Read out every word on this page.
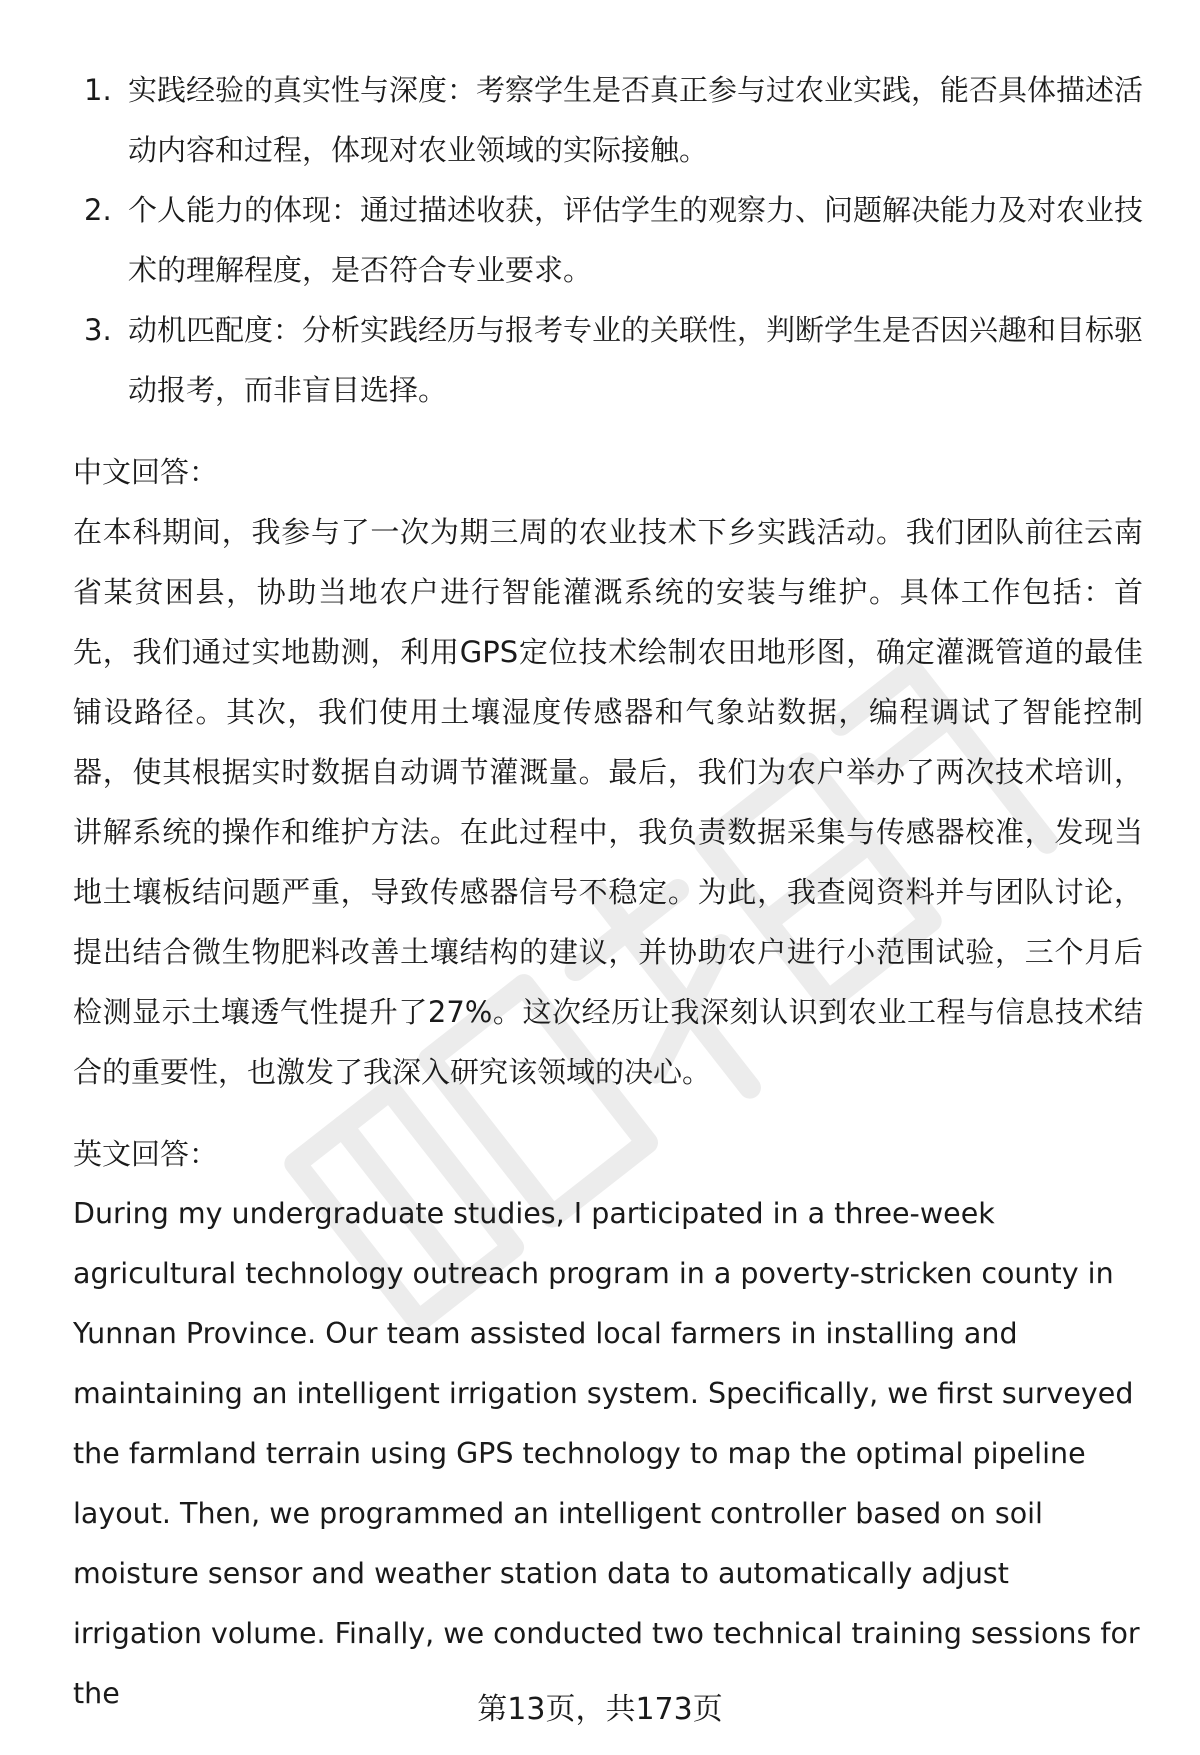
1. 实践经验的真实性与深度：考察学生是否真正参与过农业实践，能否具体描述活动内容和过程，体现对农业领域的实际接触。
2. 个人能力的体现：通过描述收获，评估学生的观察力、问题解决能力及对农业技术的理解程度，是否符合专业要求。
3. 动机匹配度：分析实践经历与报考专业的关联性，判断学生是否因兴趣和目标驱动报考，而非盲目选择。
中文回答：

在本科期间，我参与了一次为期三周的农业技术下乡实践活动。我们团队前往云南省某贫困县，协助当地农户进行智能灌溉系统的安装与维护。具体工作包括：首先，我们通过实地勘测，利用GPS定位技术绘制农田地形图，确定灌溉管道的最佳铺设路径。其次，我们使用土壤湿度传感器和气象站数据，编程调试了智能控制器，使其根据实时数据自动调节灌溉量。最后，我们为农户举办了两次技术培训，讲解系统的操作和维护方法。在此过程中，我负责数据采集与传感器校准，发现当地土壤板结问题严重，导致传感器信号不稳定。为此，我查阅资料并与团队讨论，提出结合微生物肥料改善土壤结构的建议，并协助农户进行小范围试验，三个月后检测显示土壤透气性提升了27%。这次经历让我深刻认识到农业工程与信息技术结合的重要性，也激发了我深入研究该领域的决心。

英文回答：

During my undergraduate studies, I participated in a three-week agricultural technology outreach program in a poverty-stricken county in Yunnan Province. Our team assisted local farmers in installing and maintaining an intelligent irrigation system. Specifically, we first surveyed the farmland terrain using GPS technology to map the optimal pipeline layout. Then, we programmed an intelligent controller based on soil moisture sensor and weather station data to automatically adjust irrigation volume. Finally, we conducted two technical training sessions for the	第13页，共173页
